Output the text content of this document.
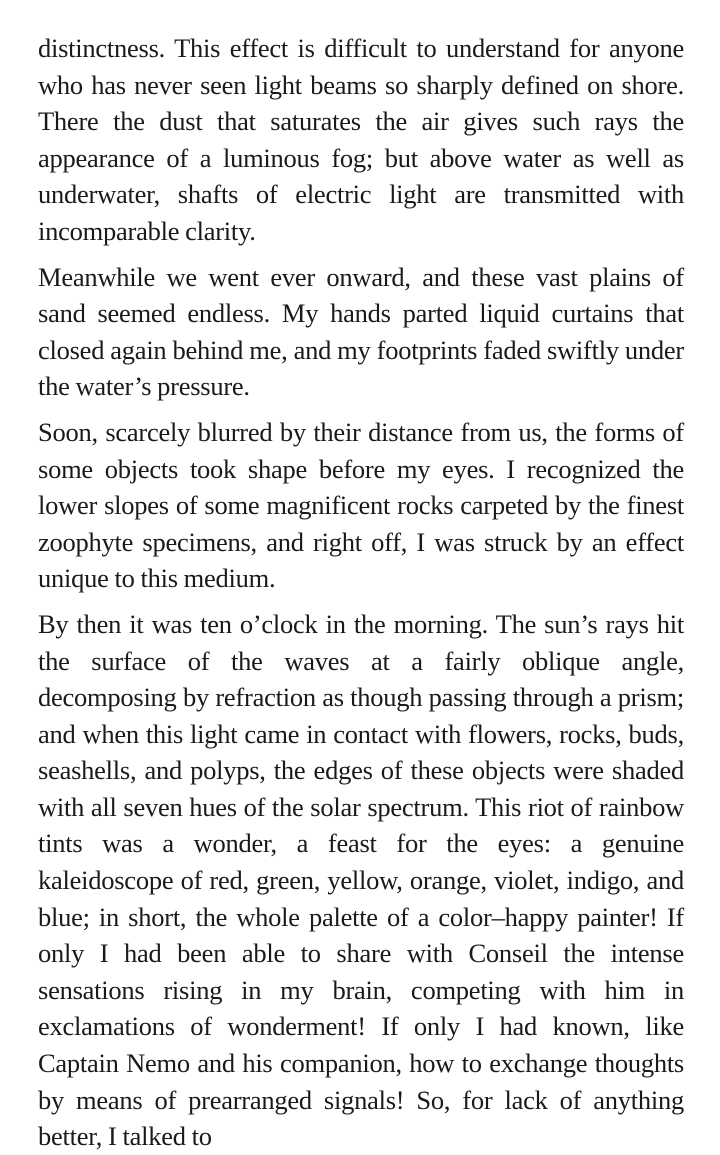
distinctness. This effect is difficult to understand for anyone who has never seen light beams so sharply defined on shore. There the dust that saturates the air gives such rays the appearance of a luminous fog; but above water as well as underwater, shafts of electric light are transmitted with incomparable clarity.

Meanwhile we went ever onward, and these vast plains of sand seemed endless. My hands parted liquid curtains that closed again behind me, and my footprints faded swiftly under the water’s pressure.

Soon, scarcely blurred by their distance from us, the forms of some objects took shape before my eyes. I recognized the lower slopes of some magnificent rocks carpeted by the finest zoophyte specimens, and right off, I was struck by an effect unique to this medium.

By then it was ten o’clock in the morning. The sun’s rays hit the surface of the waves at a fairly oblique angle, decomposing by refraction as though passing through a prism; and when this light came in contact with flowers, rocks, buds, seashells, and polyps, the edges of these objects were shaded with all seven hues of the solar spectrum. This riot of rainbow tints was a wonder, a feast for the eyes: a genuine kaleidoscope of red, green, yellow, orange, violet, indigo, and blue; in short, the whole palette of a color–happy painter! If only I had been able to share with Conseil the intense sensations rising in my brain, competing with him in exclamations of wonderment! If only I had known, like Captain Nemo and his companion, how to exchange thoughts by means of prearranged signals! So, for lack of anything better, I talked to
